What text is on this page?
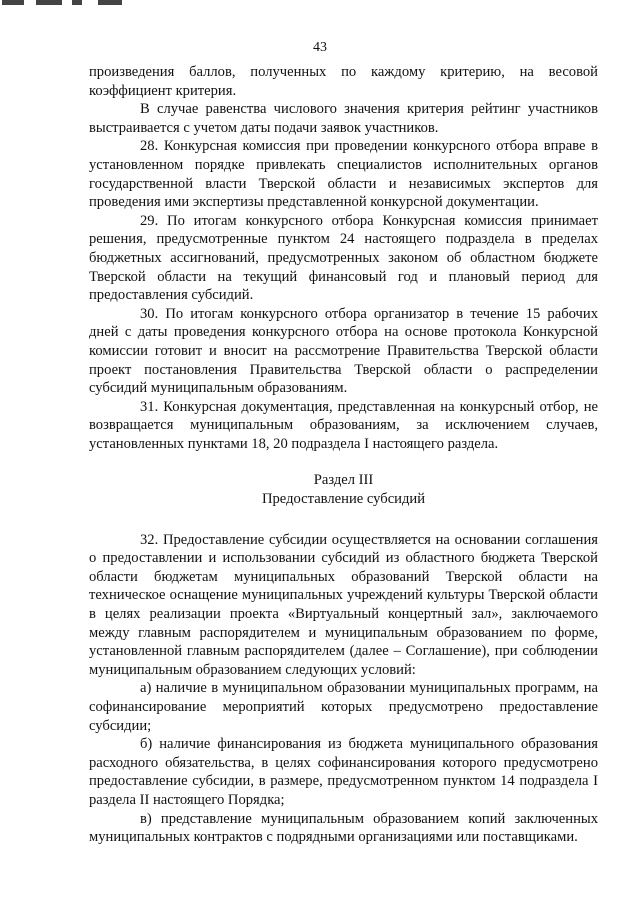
43

произведения баллов, полученных по каждому критерию, на весовой коэффициент критерия.

В случае равенства числового значения критерия рейтинг участников выстраивается с учетом даты подачи заявок участников.

28. Конкурсная комиссия при проведении конкурсного отбора вправе в установленном порядке привлекать специалистов исполнительных органов государственной власти Тверской области и независимых экспертов для проведения ими экспертизы представленной конкурсной документации.

29. По итогам конкурсного отбора Конкурсная комиссия принимает решения, предусмотренные пунктом 24 настоящего подраздела в пределах бюджетных ассигнований, предусмотренных законом об областном бюджете Тверской области на текущий финансовый год и плановый период для предоставления субсидий.

30. По итогам конкурсного отбора организатор в течение 15 рабочих дней с даты проведения конкурсного отбора на основе протокола Конкурсной комиссии готовит и вносит на рассмотрение Правительства Тверской области проект постановления Правительства Тверской области о распределении субсидий муниципальным образованиям.

31. Конкурсная документация, представленная на конкурсный отбор, не возвращается муниципальным образованиям, за исключением случаев, установленных пунктами 18, 20 подраздела I настоящего раздела.

Раздел III

Предоставление субсидий

32. Предоставление субсидии осуществляется на основании соглашения о предоставлении и использовании субсидий из областного бюджета Тверской области бюджетам муниципальных образований Тверской области на техническое оснащение муниципальных учреждений культуры Тверской области в целях реализации проекта «Виртуальный концертный зал», заключаемого между главным распорядителем и муниципальным образованием по форме, установленной главным распорядителем (далее – Соглашение), при соблюдении муниципальным образованием следующих условий:

а) наличие в муниципальном образовании муниципальных программ, на софинансирование мероприятий которых предусмотрено предоставление субсидии;

б) наличие финансирования из бюджета муниципального образования расходного обязательства, в целях софинансирования которого предусмотрено предоставление субсидии, в размере, предусмотренном пунктом 14 подраздела I раздела II настоящего Порядка;

в) представление муниципальным образованием копий заключенных муниципальных контрактов с подрядными организациями или поставщиками.
